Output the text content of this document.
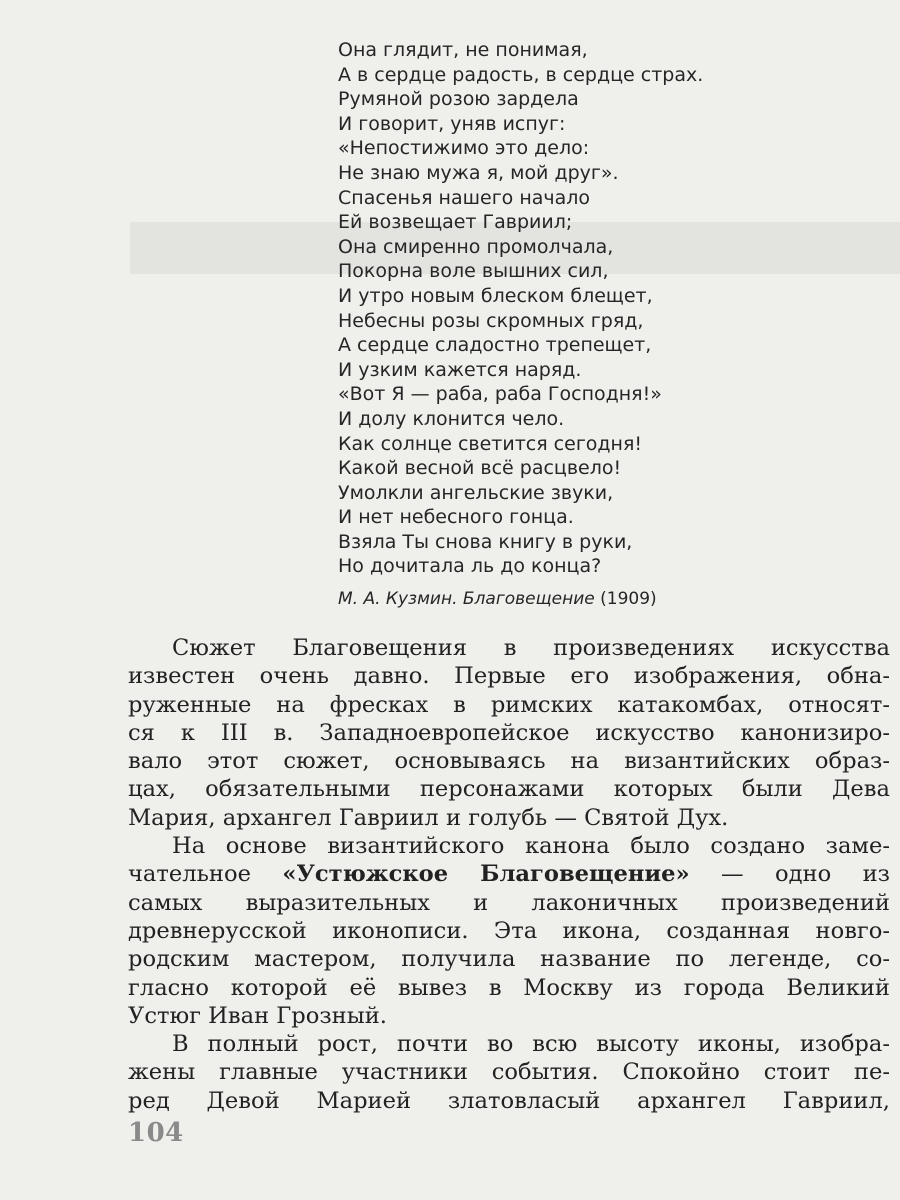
Она глядит, не понимая,
А в сердце радость, в сердце страх.
Румяной розою зардела
И говорит, уняв испуг:
«Непостижимо это дело:
Не знаю мужа я, мой друг».
Спасенья нашего начало
Ей возвещает Гавриил;
Она смиренно промолчала,
Покорна воле вышних сил,
И утро новым блеском блещет,
Небесны розы скромных гряд,
А сердце сладостно трепещет,
И узким кажется наряд.
«Вот Я — раба, раба Господня!»
И долу клонится чело.
Как солнце светится сегодня!
Какой весной всё расцвело!
Умолкли ангельские звуки,
И нет небесного гонца.
Взяла Ты снова книгу в руки,
Но дочитала ль до конца?
М. А. Кузмин. Благовещение (1909)

Сюжет Благовещения в произведениях искусства
известен очень давно. Первые его изображения, обна-
руженные на фресках в римских катакомбах, относят-
ся к III в. Западноевропейское искусство канонизиро-
вало этот сюжет, основываясь на византийских образ-
цах, обязательными персонажами которых были Дева
Мария, архангел Гавриил и голубь — Святой Дух.

На основе византийского канона было создано заме-
чательное «Устюжское Благовещение» — одно из
самых выразительных и лаконичных произведений
древнерусской иконописи. Эта икона, созданная новго-
родским мастером, получила название по легенде, со-
гласно которой её вывез в Москву из города Великий
Устюг Иван Грозный.

В полный рост, почти во всю высоту иконы, изобра-
жены главные участники события. Спокойно стоит пе-
ред Девой Марией златовласый архангел Гавриил,

104
